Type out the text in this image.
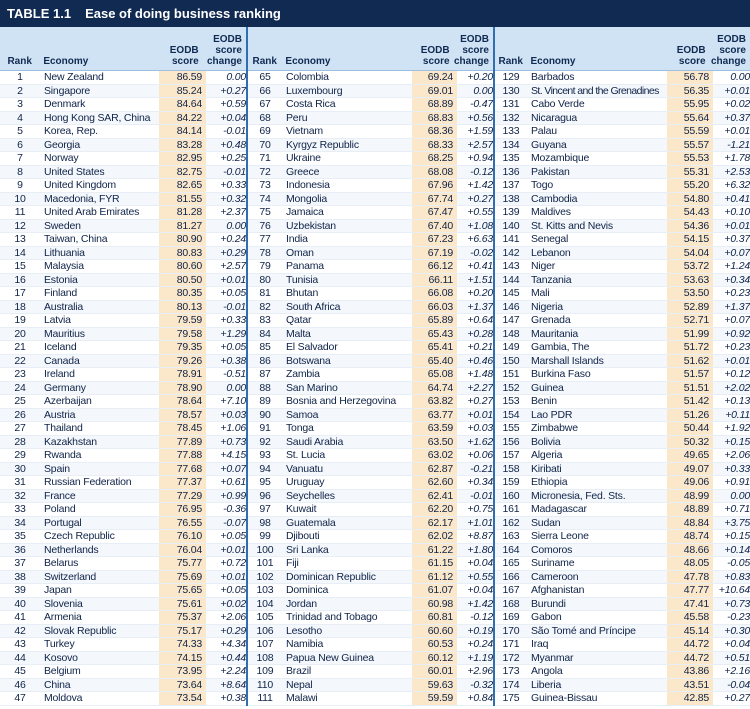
TABLE 1.1 Ease of doing business ranking
Rank	Economy
EODB
score
EODB
score
change
1	New Zealand	86.59	0.00
2	Singapore	85.24	+0.27
3	Denmark	84.64	+0.59
4	Hong Kong SAR, China	84.22	+0.04
5	Korea, Rep.	84.14	-0.01
6	Georgia	83.28	+0.48
7	Norway	82.95	+0.25
8	United States	82.75	-0.01
9	United Kingdom	82.65	+0.33
10	Macedonia, FYR	81.55	+0.32
11	United Arab Emirates	81.28	+2.37
12	Sweden	81.27	0.00
13	Taiwan, China	80.90	+0.24
14	Lithuania	80.83	+0.29
15	Malaysia	80.60	+2.57
16	Estonia	80.50	+0.01
17	Finland	80.35	+0.05
18	Australia	80.13	-0.01
19	Latvia	79.59	+0.33
20	Mauritius	79.58	+1.29
21	Iceland	79.35	+0.05
22	Canada	79.26	+0.38
23	Ireland	78.91	-0.51
24	Germany	78.90	0.00
25	Azerbaijan	78.64	+7.10
26	Austria	78.57	+0.03
27	Thailand	78.45	+1.06
28	Kazakhstan	77.89	+0.73
29	Rwanda	77.88	+4.15
30	Spain	77.68	+0.07
31	Russian Federation	77.37	+0.61
32	France	77.29	+0.99
33	Poland	76.95	-0.36
34	Portugal	76.55	-0.07
35	Czech Republic	76.10	+0.05
36	Netherlands	76.04	+0.01
37	Belarus	75.77	+0.72
38	Switzerland	75.69	+0.01
39	Japan	75.65	+0.05
40	Slovenia	75.61	+0.02
41	Armenia	75.37	+2.06
42	Slovak Republic	75.17	+0.29
43	Turkey	74.33	+4.34
44	Kosovo	74.15	+0.44
45	Belgium	73.95	+2.24
46	China	73.64	+8.64
47	Moldova	73.54	+0.38
Rank Economy
EODB
score
EODB
score
change
65	Colombia	69.24	+0.20
66	Luxembourg	69.01	0.00
67	Costa Rica	68.89	-0.47
68	Peru	68.83	+0.56
69	Vietnam	68.36	+1.59
70	Kyrgyz Republic	68.33	+2.57
71	Ukraine	68.25	+0.94
72	Greece	68.08	-0.12
73	Indonesia	67.96	+1.42
74	Mongolia	67.74	+0.27
75	Jamaica	67.47	+0.55
76	Uzbekistan	67.40	+1.08
77	India	67.23	+6.63
78	Oman	67.19	-0.02
79	Panama	66.12	+0.41
80	Tunisia	66.11	+1.51
81	Bhutan	66.08	+0.20
82	South Africa	66.03	+1.37
83	Qatar	65.89	+0.64
84	Malta	65.43	+0.28
85	El Salvador	65.41	+0.21
86	Botswana	65.40	+0.46
87	Zambia	65.08	+1.48
88	San Marino	64.74	+2.27
89	Bosnia and Herzegovina	63.82	+0.27
90	Samoa	63.77	+0.01
91	Tonga	63.59	+0.03
92	Saudi Arabia	63.50	+1.62
93	St. Lucia	63.02	+0.06
94	Vanuatu	62.87	-0.21
95	Uruguay	62.60	+0.34
96	Seychelles	62.41	-0.01
97	Kuwait	62.20	+0.75
98	Guatemala	62.17	+1.01
99	Djibouti	62.02	+8.87
100	Sri Lanka	61.22	+1.80
101	Fiji	61.15	+0.04
102	Dominican Republic	61.12	+0.55
103	Dominica	61.07	+0.04
104	Jordan	60.98	+1.42
105	Trinidad and Tobago	60.81	-0.12
106	Lesotho	60.60	+0.19
107	Namibia	60.53	+0.24
108	Papua New Guinea	60.12	+1.19
109	Brazil	60.01	+2.96
110	Nepal	59.63	-0.32
111	Malawi	59.59	+0.84
Rank Economy
EODB
score
EODB
score
change
129	Barbados	56.78	0.00
130	St. Vincent and the Grenadines	56.35	+0.01
131	Cabo Verde	55.95	+0.02
132	Nicaragua	55.64	+0.37
133	Palau	55.59	+0.01
134	Guyana	55.57	-1.21
135	Mozambique	55.53	+1.78
136	Pakistan	55.31	+2.53
137	Togo	55.20	+6.32
138	Cambodia	54.80	+0.41
139	Maldives	54.43	+0.10
140	St. Kitts and Nevis	54.36	+0.01
141	Senegal	54.15	+0.37
142	Lebanon	54.04	+0.07
143	Niger	53.72	+1.24
144	Tanzania	53.63	+0.34
145	Mali	53.50	+0.23
146	Nigeria	52.89	+1.37
147	Grenada	52.71	+0.07
148	Mauritania	51.99	+0.92
149	Gambia, The	51.72	+0.23
150	Marshall Islands	51.62	+0.01
151	Burkina Faso	51.57	+0.12
152	Guinea	51.51	+2.02
153	Benin	51.42	+0.13
154	Lao PDR	51.26	+0.11
155	Zimbabwe	50.44	+1.92
156	Bolivia	50.32	+0.15
157	Algeria	49.65	+2.06
158	Kiribati	49.07	+0.33
159	Ethiopia	49.06	+0.91
160	Micronesia, Fed. Sts.	48.99	0.00
161	Madagascar	48.89	+0.71
162	Sudan	48.84	+3.75
163	Sierra Leone	48.74	+0.15
164	Comoros	48.66	+0.14
165	Suriname	48.05	-0.05
166	Cameroon	47.78	+0.83
167	Afghanistan	47.77 +10.64
168	Burundi	47.41	+0.73
169	Gabon	45.58	-0.23
170	São Tomé and Príncipe	45.14	+0.30
171	Iraq	44.72	+0.04
172	Myanmar	44.72	+0.51
173	Angola	43.86	+2.16
174	Liberia	43.51	-0.04
175	Guinea-Bissau	42.85	+0.27
